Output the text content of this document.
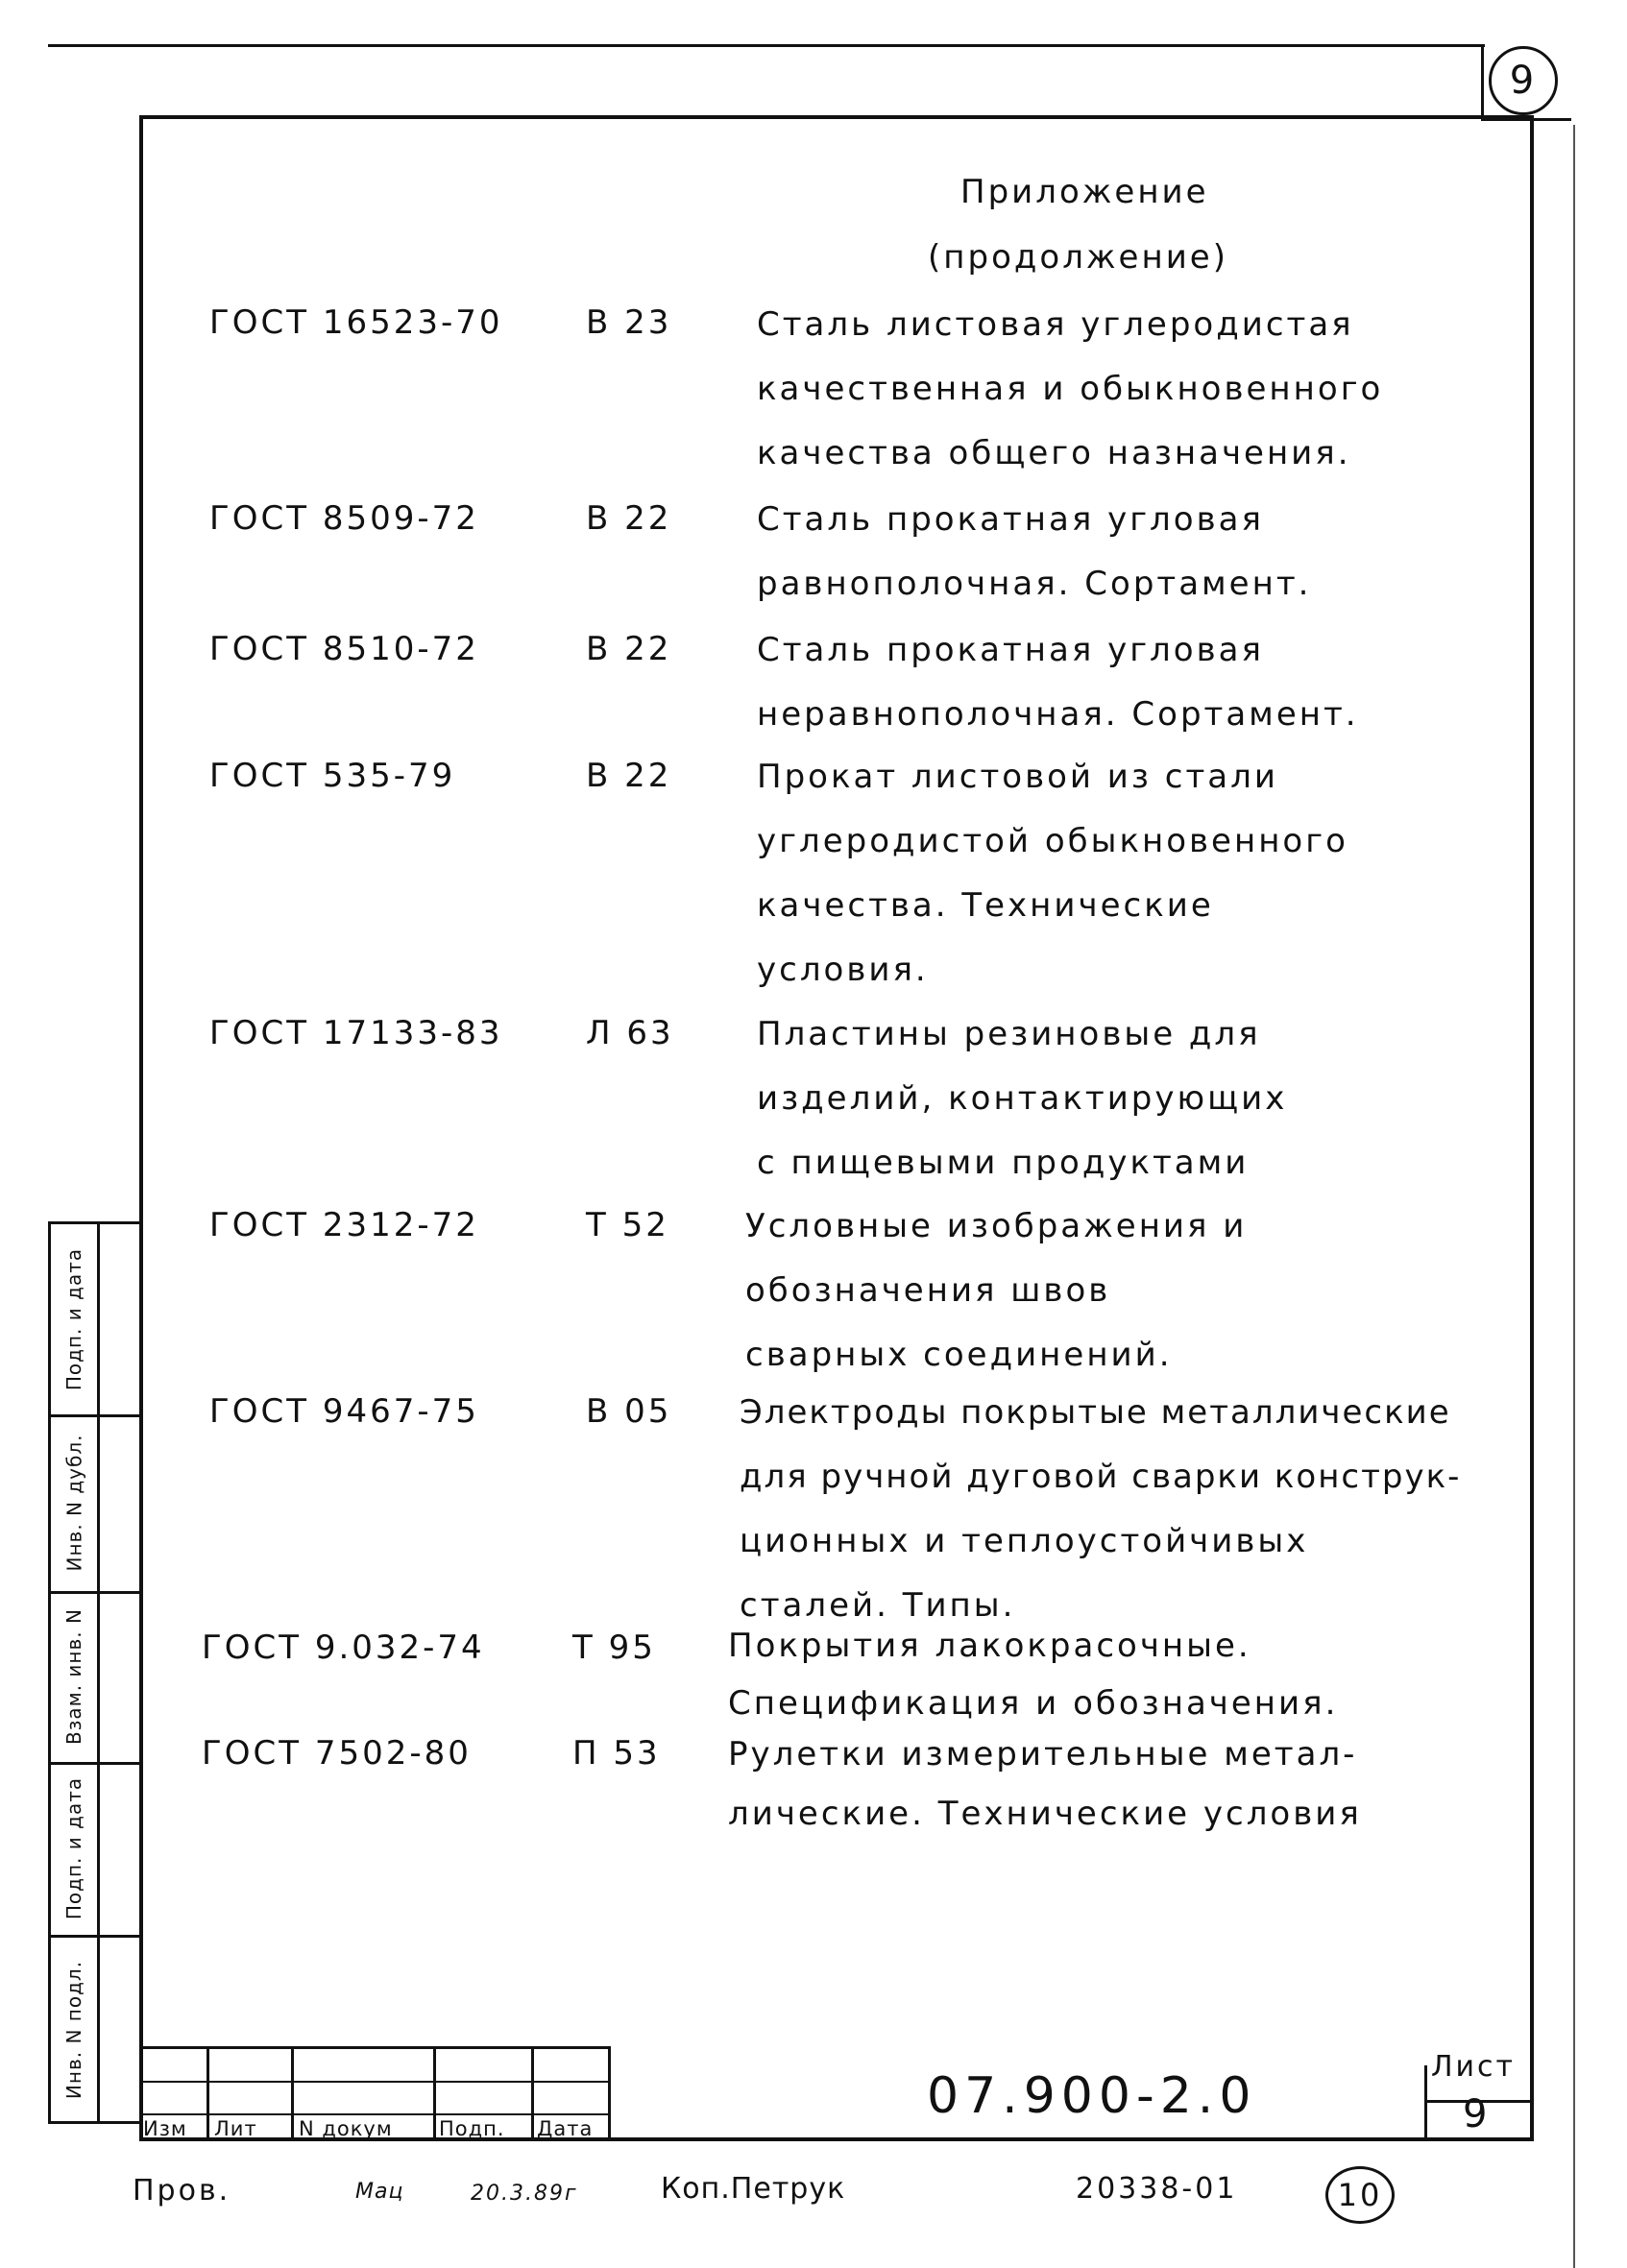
9
Приложение
(продолжение)
ГОСТ 16523-70	В 23	Сталь листовая углеродистая
качественная и обыкновенного
качества общего назначения.
ГОСТ 8509-72	В 22	Сталь прокатная угловая
равнополочная. Сортамент.
ГОСТ 8510-72	В 22	Сталь прокатная угловая
неравнополочная. Сортамент.
ГОСТ 535-79	В 22	Прокат листовой из стали
углеродистой обыкновенного
качества. Технические
условия.
ГОСТ 17133-83	Л 63	Пластины резиновые для
изделий, контактирующих
с пищевыми продуктами
ГОСТ 2312-72	Т 52 Условные изображения и
обозначения швов
сварных соединений.
ГОСТ 9467-75	В 05 Электроды покрытые металлические
для ручной дуговой сварки конструк-
ционных и теплоустойчивых
сталей. Типы.
ГОСТ 9.032-74	Т 95 Покрытия лакокрасочные.
Спецификация и обозначения.
ГОСТ 7502-80	П 53 Рулетки измерительные метал-
лические. Технические условия
Инв. N подл.
Подп. и дата
Взам. инв. N
Инв. N дубл.
Подп. и дата
Изм Лит N докум Подп. Дата
07.900-2.0
Лист
9
Пров.	Мац	20.3.89г	Коп.Петрук	20338-01	10
